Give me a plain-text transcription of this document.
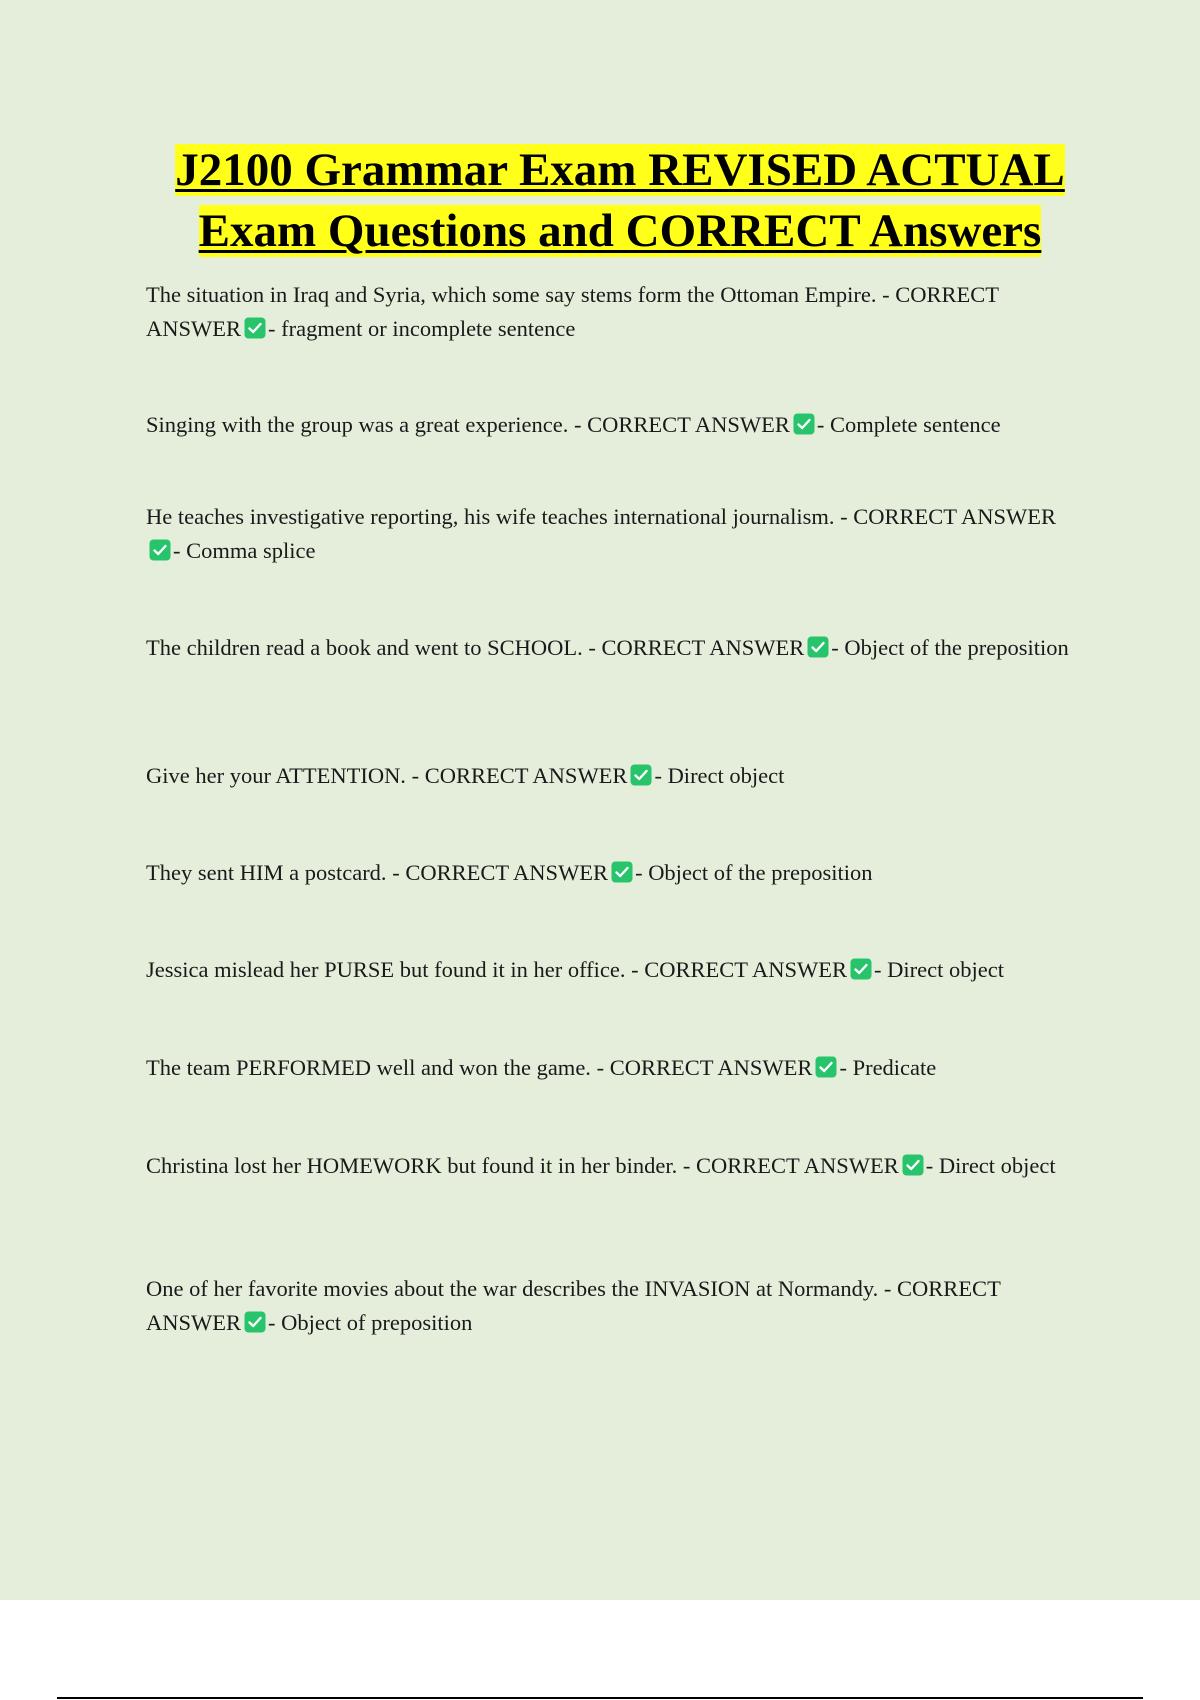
J2100 Grammar Exam REVISED ACTUAL
Exam Questions and CORRECT Answers
The situation in Iraq and Syria, which some say stems form the Ottoman Empire. - CORRECT ANSWER - fragment or incomplete sentence
Singing with the group was a great experience. - CORRECT ANSWER - Complete sentence
He teaches investigative reporting, his wife teaches international journalism. - CORRECT ANSWER
- Comma splice
The children read a book and went to SCHOOL. - CORRECT ANSWER - Object of the preposition
Give her your ATTENTION. - CORRECT ANSWER - Direct object
They sent HIM a postcard. - CORRECT ANSWER - Object of the preposition
Jessica mislead her PURSE but found it in her office. - CORRECT ANSWER - Direct object
The team PERFORMED well and won the game. - CORRECT ANSWER - Predicate
Christina lost her HOMEWORK but found it in her binder. - CORRECT ANSWER - Direct object
One of her favorite movies about the war describes the INVASION at Normandy. - CORRECT ANSWER - Object of preposition
